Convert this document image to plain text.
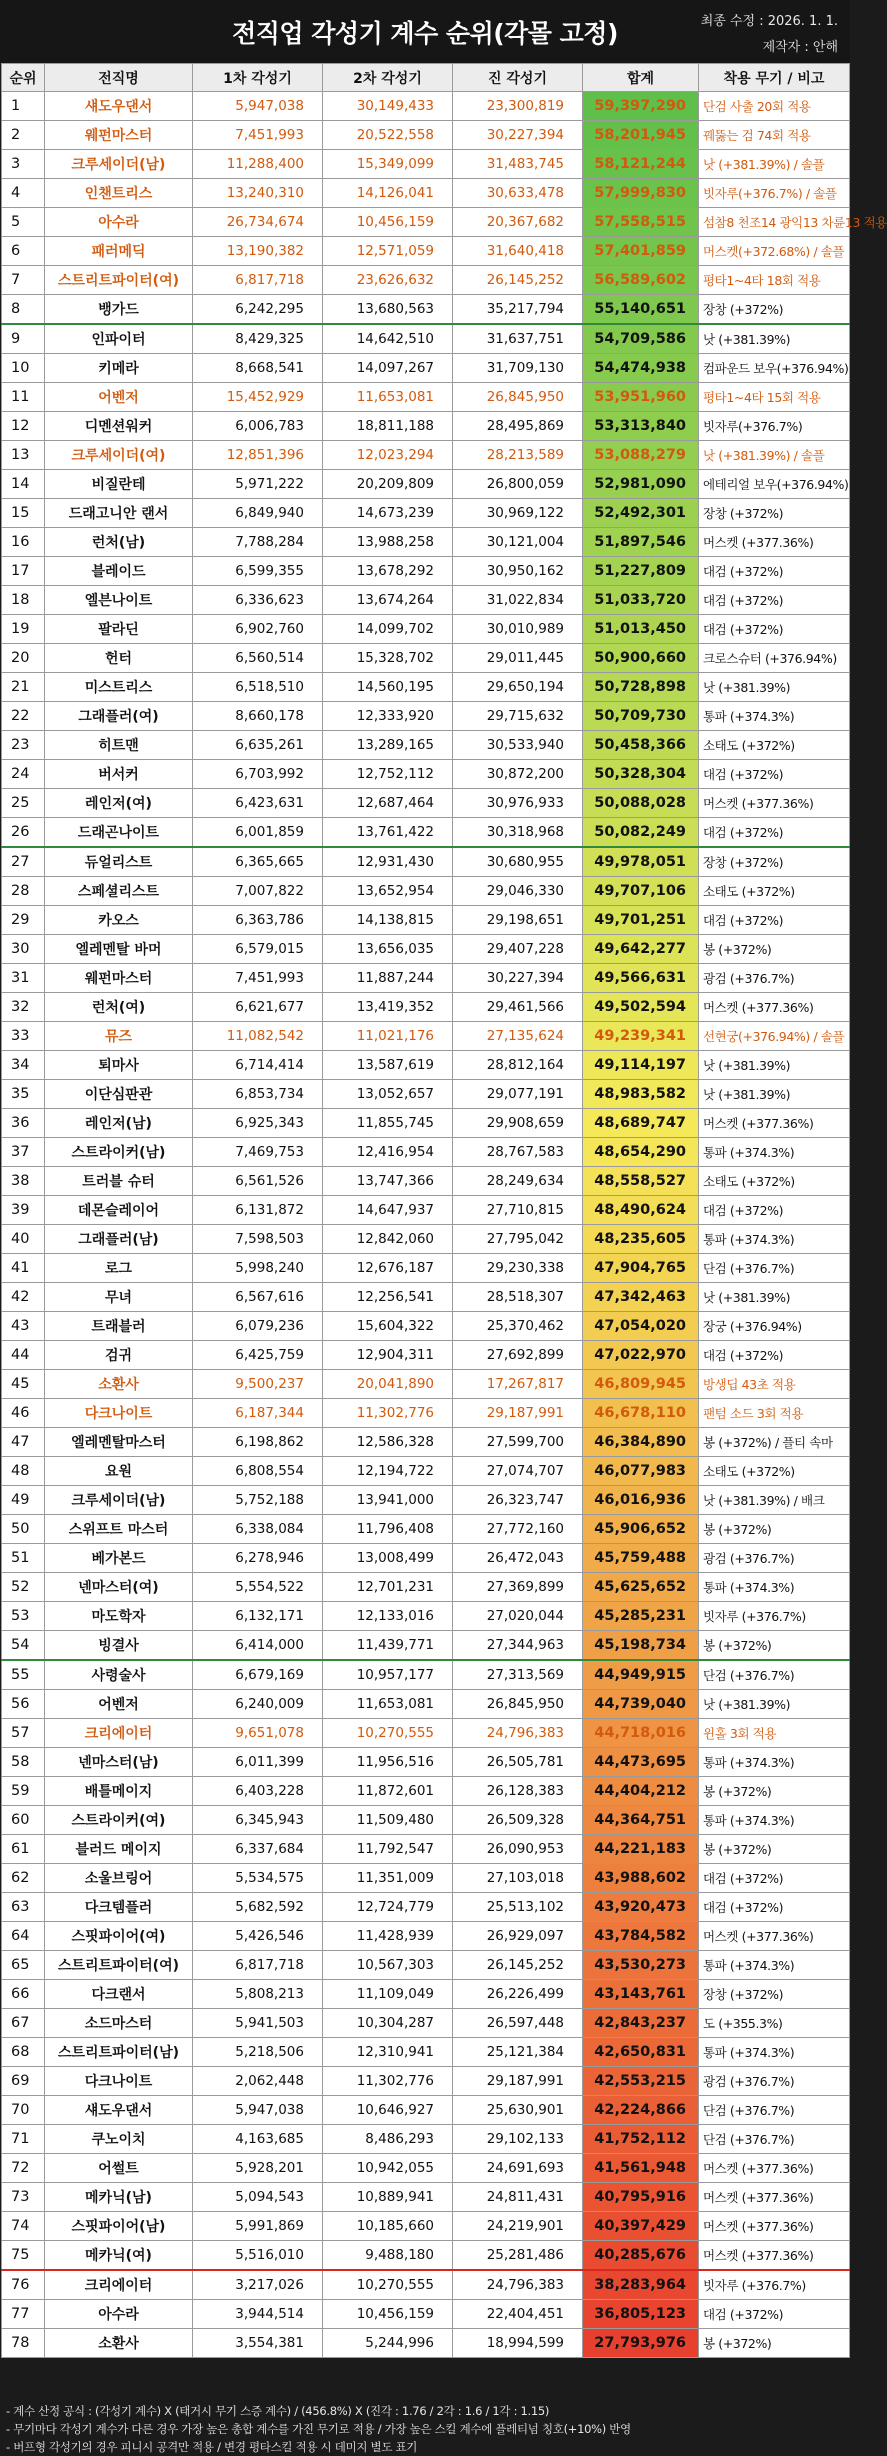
전직업 각성기 계수 순위(각몰 고정)	최종 수정 : 2026. 1. 1.
제작자 : 안해
순위	전직명	1차 각성기	2차 각성기	진 각성기	합계	착용 무기 / 비고
1	섀도우댄서	5,947,038	30,149,433	23,300,819	59,397,290	단검 사출 20회 적용
2	웨펀마스터	7,451,993	20,522,558	30,227,394	58,201,945	꿰뚫는 검 74회 적용
3	크루세이더(남)	11,288,400	15,349,099	31,483,745	58,121,244	낫 (+381.39%) / 솔플
4	인챈트리스	13,240,310	14,126,041	30,633,478	57,999,830	빗자루(+376.7%) / 솔플
5	아수라	26,734,674	10,456,159	20,367,682	57,558,515	섬참8 천조14 광익13 차륜13 적용
6	패러메딕	13,190,382	12,571,059	31,640,418	57,401,859	머스켓(+372.68%) / 솔플
7	스트리트파이터(여)	6,817,718	23,626,632	26,145,252	56,589,602	평타1~4타 18회 적용
8	뱅가드	6,242,295	13,680,563	35,217,794	55,140,651	장창 (+372%)
9	인파이터	8,429,325	14,642,510	31,637,751	54,709,586	낫 (+381.39%)
10	키메라	8,668,541	14,097,267	31,709,130	54,474,938	컴파운드 보우(+376.94%)
11	어벤저	15,452,929	11,653,081	26,845,950	53,951,960	평타1~4타 15회 적용
12	디멘션워커	6,006,783	18,811,188	28,495,869	53,313,840	빗자루(+376.7%)
13	크루세이더(여)	12,851,396	12,023,294	28,213,589	53,088,279	낫 (+381.39%) / 솔플
14	비질란테	5,971,222	20,209,809	26,800,059	52,981,090	에테리얼 보우(+376.94%)
15	드래고니안 랜서	6,849,940	14,673,239	30,969,122	52,492,301	장창 (+372%)
16	런처(남)	7,788,284	13,988,258	30,121,004	51,897,546	머스켓 (+377.36%)
17	블레이드	6,599,355	13,678,292	30,950,162	51,227,809	대검 (+372%)
18	엘븐나이트	6,336,623	13,674,264	31,022,834	51,033,720	대검 (+372%)
19	팔라딘	6,902,760	14,099,702	30,010,989	51,013,450	대검 (+372%)
20	헌터	6,560,514	15,328,702	29,011,445	50,900,660	크로스슈터 (+376.94%)
21	미스트리스	6,518,510	14,560,195	29,650,194	50,728,898	낫 (+381.39%)
22	그래플러(여)	8,660,178	12,333,920	29,715,632	50,709,730	통파 (+374.3%)
23	히트맨	6,635,261	13,289,165	30,533,940	50,458,366	소태도 (+372%)
24	버서커	6,703,992	12,752,112	30,872,200	50,328,304	대검 (+372%)
25	레인저(여)	6,423,631	12,687,464	30,976,933	50,088,028	머스켓 (+377.36%)
26	드래곤나이트	6,001,859	13,761,422	30,318,968	50,082,249	대검 (+372%)
27	듀얼리스트	6,365,665	12,931,430	30,680,955	49,978,051	장창 (+372%)
28	스페셜리스트	7,007,822	13,652,954	29,046,330	49,707,106	소태도 (+372%)
29	카오스	6,363,786	14,138,815	29,198,651	49,701,251	대검 (+372%)
30	엘레멘탈 바머	6,579,015	13,656,035	29,407,228	49,642,277	봉 (+372%)
31	웨펀마스터	7,451,993	11,887,244	30,227,394	49,566,631	광검 (+376.7%)
32	런처(여)	6,621,677	13,419,352	29,461,566	49,502,594	머스켓 (+377.36%)
33	뮤즈	11,082,542	11,021,176	27,135,624	49,239,341	선현궁(+376.94%) / 솔플
34	퇴마사	6,714,414	13,587,619	28,812,164	49,114,197	낫 (+381.39%)
35	이단심판관	6,853,734	13,052,657	29,077,191	48,983,582	낫 (+381.39%)
36	레인저(남)	6,925,343	11,855,745	29,908,659	48,689,747	머스켓 (+377.36%)
37	스트라이커(남)	7,469,753	12,416,954	28,767,583	48,654,290	통파 (+374.3%)
38	트러블 슈터	6,561,526	13,747,366	28,249,634	48,558,527	소태도 (+372%)
39	데몬슬레이어	6,131,872	14,647,937	27,710,815	48,490,624	대검 (+372%)
40	그래플러(남)	7,598,503	12,842,060	27,795,042	48,235,605	통파 (+374.3%)
41	로그	5,998,240	12,676,187	29,230,338	47,904,765	단검 (+376.7%)
42	무녀	6,567,616	12,256,541	28,518,307	47,342,463	낫 (+381.39%)
43	트래블러	6,079,236	15,604,322	25,370,462	47,054,020	장궁 (+376.94%)
44	검귀	6,425,759	12,904,311	27,692,899	47,022,970	대검 (+372%)
45	소환사	9,500,237	20,041,890	17,267,817	46,809,945	방생딥 43초 적용
46	다크나이트	6,187,344	11,302,776	29,187,991	46,678,110	팬텀 소드 3회 적용
47	엘레멘탈마스터	6,198,862	12,586,328	27,599,700	46,384,890	봉 (+372%) / 플티 속마
48	요원	6,808,554	12,194,722	27,074,707	46,077,983	소태도 (+372%)
49	크루세이더(남)	5,752,188	13,941,000	26,323,747	46,016,936	낫 (+381.39%) / 배크
50	스위프트 마스터	6,338,084	11,796,408	27,772,160	45,906,652	봉 (+372%)
51	베가본드	6,278,946	13,008,499	26,472,043	45,759,488	광검 (+376.7%)
52	넨마스터(여)	5,554,522	12,701,231	27,369,899	45,625,652	통파 (+374.3%)
53	마도학자	6,132,171	12,133,016	27,020,044	45,285,231	빗자루 (+376.7%)
54	빙결사	6,414,000	11,439,771	27,344,963	45,198,734	봉 (+372%)
55	사령술사	6,679,169	10,957,177	27,313,569	44,949,915	단검 (+376.7%)
56	어벤저	6,240,009	11,653,081	26,845,950	44,739,040	낫 (+381.39%)
57	크리에이터	9,651,078	10,270,555	24,796,383	44,718,016	윈홀 3회 적용
58	넨마스터(남)	6,011,399	11,956,516	26,505,781	44,473,695	통파 (+374.3%)
59	배틀메이지	6,403,228	11,872,601	26,128,383	44,404,212	봉 (+372%)
60	스트라이커(여)	6,345,943	11,509,480	26,509,328	44,364,751	통파 (+374.3%)
61	블러드 메이지	6,337,684	11,792,547	26,090,953	44,221,183	봉 (+372%)
62	소울브링어	5,534,575	11,351,009	27,103,018	43,988,602	대검 (+372%)
63	다크템플러	5,682,592	12,724,779	25,513,102	43,920,473	대검 (+372%)
64	스핏파이어(여)	5,426,546	11,428,939	26,929,097	43,784,582	머스켓 (+377.36%)
65	스트리트파이터(여)	6,817,718	10,567,303	26,145,252	43,530,273	통파 (+374.3%)
66	다크랜서	5,808,213	11,109,049	26,226,499	43,143,761	장창 (+372%)
67	소드마스터	5,941,503	10,304,287	26,597,448	42,843,237	도 (+355.3%)
68	스트리트파이터(남)	5,218,506	12,310,941	25,121,384	42,650,831	통파 (+374.3%)
69	다크나이트	2,062,448	11,302,776	29,187,991	42,553,215	광검 (+376.7%)
70	섀도우댄서	5,947,038	10,646,927	25,630,901	42,224,866	단검 (+376.7%)
71	쿠노이치	4,163,685	8,486,293	29,102,133	41,752,112	단검 (+376.7%)
72	어썰트	5,928,201	10,942,055	24,691,693	41,561,948	머스켓 (+377.36%)
73	메카닉(남)	5,094,543	10,889,941	24,811,431	40,795,916	머스켓 (+377.36%)
74	스핏파이어(남)	5,991,869	10,185,660	24,219,901	40,397,429	머스켓 (+377.36%)
75	메카닉(여)	5,516,010	9,488,180	25,281,486	40,285,676	머스켓 (+377.36%)
76	크리에이터	3,217,026	10,270,555	24,796,383	38,283,964	빗자루 (+376.7%)
77	아수라	3,944,514	10,456,159	22,404,451	36,805,123	대검 (+372%)
78	소환사	3,554,381	5,244,996	18,994,599	27,793,976	봉 (+372%)
- 계수 산정 공식 : (각성기 계수) X (태거시 무기 스증 계수) / (456.8%) X (진각 : 1.76 / 2각 : 1.6 / 1각 : 1.15)
- 무기마다 각성기 계수가 다른 경우 가장 높은 총합 계수를 가진 무기로 적용 / 가장 높은 스킬 계수에 플레티넘 칭호(+10%) 반영
- 버프형 각성기의 경우 피니시 공격만 적용 / 변경 평타스킬 적용 시 데미지 별도 표기
